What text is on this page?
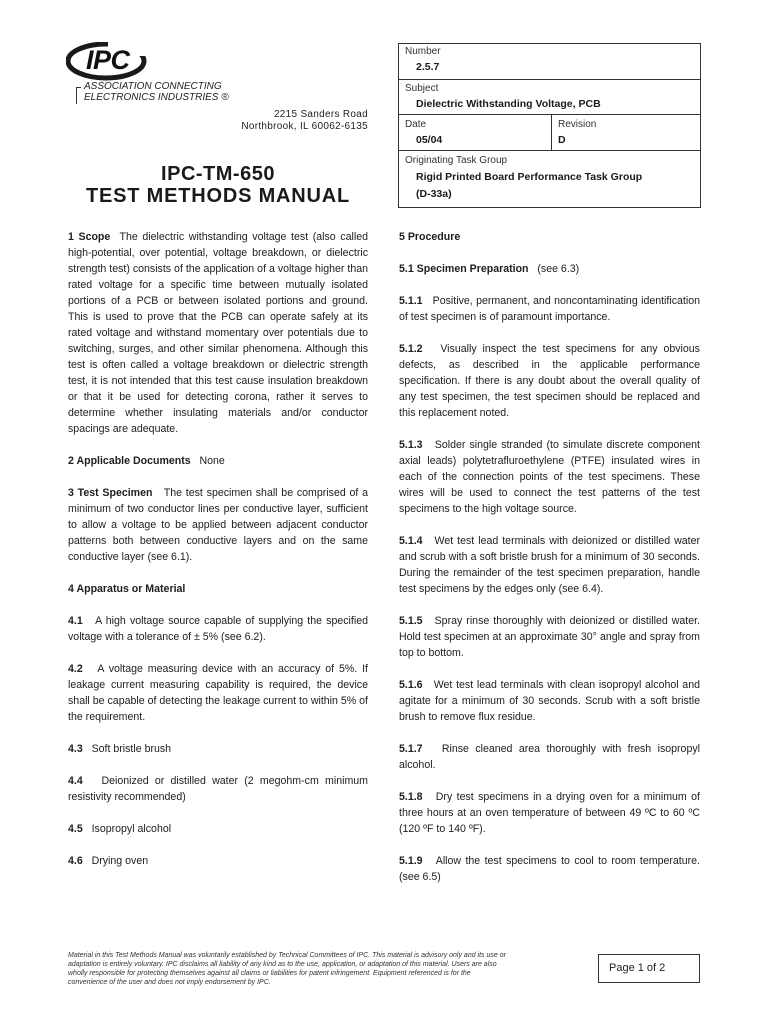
IPC
ASSOCIATION CONNECTING
ELECTRONICS INDUSTRIES ®
2215 Sanders Road
Northbrook, IL 60062-6135
IPC-TM-650
TEST METHODS MANUAL
Number
2.5.7
Subject
Dielectric Withstanding Voltage, PCB
Date
05/04
Revision
D
Originating Task Group
Rigid Printed Board Performance Task Group
(D-33a)

1 Scope The dielectric withstanding voltage test (also called high-potential, over potential, voltage breakdown, or dielectric strength test) consists of the application of a voltage higher than rated voltage for a specific time between mutually isolated portions of a PCB or between isolated portions and ground. This is used to prove that the PCB can operate safely at its rated voltage and withstand momentary over potentials due to switching, surges, and other similar phenomena. Although this test is often called a voltage breakdown or dielectric strength test, it is not intended that this test cause insulation breakdown or that it be used for detecting corona, rather it serves to determine whether insulating materials and/or conductor spacings are adequate.

2 Applicable Documents None

3 Test Specimen The test specimen shall be comprised of a minimum of two conductor lines per conductive layer, sufficient to allow a voltage to be applied between adjacent conductor patterns both between conductive layers and on the same conductive layer (see 6.1).

4 Apparatus or Material

4.1 A high voltage source capable of supplying the specified voltage with a tolerance of ± 5% (see 6.2).

4.2 A voltage measuring device with an accuracy of 5%. If leakage current measuring capability is required, the device shall be capable of detecting the leakage current to within 5% of the requirement.

4.3 Soft bristle brush

4.4 Deionized or distilled water (2 megohm-cm minimum resistivity recommended)

4.5 Isopropyl alcohol

4.6 Drying oven

5 Procedure

5.1 Specimen Preparation (see 6.3)

5.1.1 Positive, permanent, and noncontaminating identification of test specimen is of paramount importance.

5.1.2 Visually inspect the test specimens for any obvious defects, as described in the applicable performance specification. If there is any doubt about the overall quality of any test specimen, the test specimen should be replaced and this replacement noted.

5.1.3 Solder single stranded (to simulate discrete component axial leads) polytetrafluroethylene (PTFE) insulated wires in each of the connection points of the test specimens. These wires will be used to connect the test patterns of the test specimens to the high voltage source.

5.1.4 Wet test lead terminals with deionized or distilled water and scrub with a soft bristle brush for a minimum of 30 seconds. During the remainder of the test specimen preparation, handle test specimens by the edges only (see 6.4).

5.1.5 Spray rinse thoroughly with deionized or distilled water. Hold test specimen at an approximate 30° angle and spray from top to bottom.

5.1.6 Wet test lead terminals with clean isopropyl alcohol and agitate for a minimum of 30 seconds. Scrub with a soft bristle brush to remove flux residue.

5.1.7 Rinse cleaned area thoroughly with fresh isopropyl alcohol.

5.1.8 Dry test specimens in a drying oven for a minimum of three hours at an oven temperature of between 49 ºC to 60 ºC (120 ºF to 140 ºF).

5.1.9 Allow the test specimens to cool to room temperature. (see 6.5)

Material in this Test Methods Manual was voluntarily established by Technical Committees of IPC. This material is advisory only and its use or adaptation is entirely voluntary. IPC disclaims all liability of any kind as to the use, application, or adaptation of this material. Users are also wholly responsible for protecting themselves against all claims or liabilities for patent infringement. Equipment referenced is for the convenience of the user and does not imply endorsement by IPC.
Page 1 of 2
